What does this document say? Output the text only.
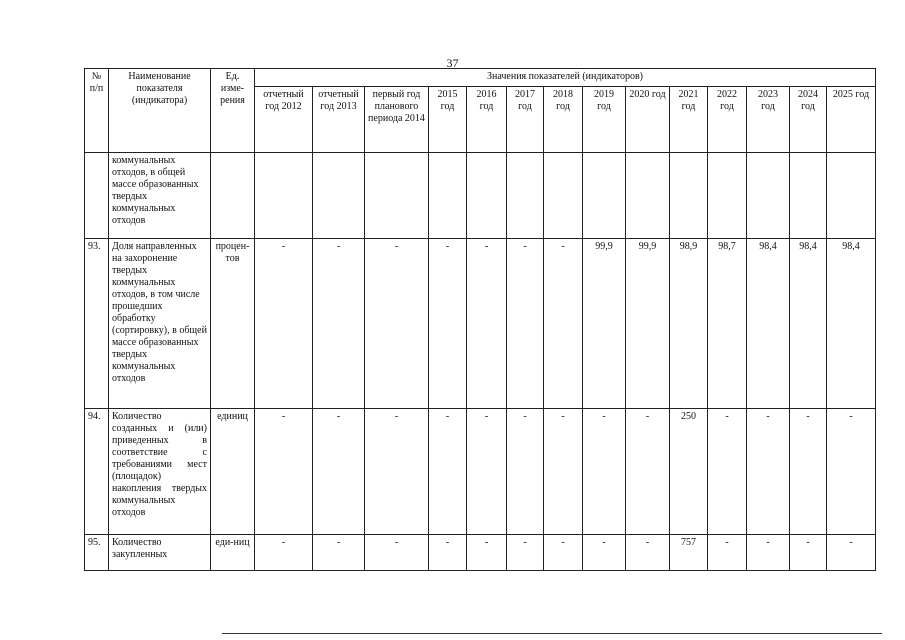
37
№
п/п	Наименование показателя (индикатора)	Ед. изме-рения	Значения показателей (индикаторов)													
			отчетный год 2012	отчетный год 2013	первый год планового периода 2014	2015 год	2016 год	2017 год	2018 год	2019 год	2020 год	2021 год	2022 год	2023 год	2024 год	2025 год
	коммунальных отходов, в общей массе образованных твердых коммунальных отходов															
93.	Доля направленных на захоронение твердых коммунальных отходов, в том числе прошедших обработку (сортировку), в общей массе образованных твердых коммунальных отходов	процен-тов	-	-	-	-	-	-	-	99,9	99,9	98,9	98,7	98,4	98,4	98,4
94.	Количество созданных и (или) приведенных в соответствие с требованиями мест (площадок) накопления твердых коммунальных отходов	единиц	-	-	-	-	-	-	-	-	-	250	-	-	-	-
95.	Количество закупленных	еди-ниц	-	-	-	-	-	-	-	-	-	757	-	-	-	-
